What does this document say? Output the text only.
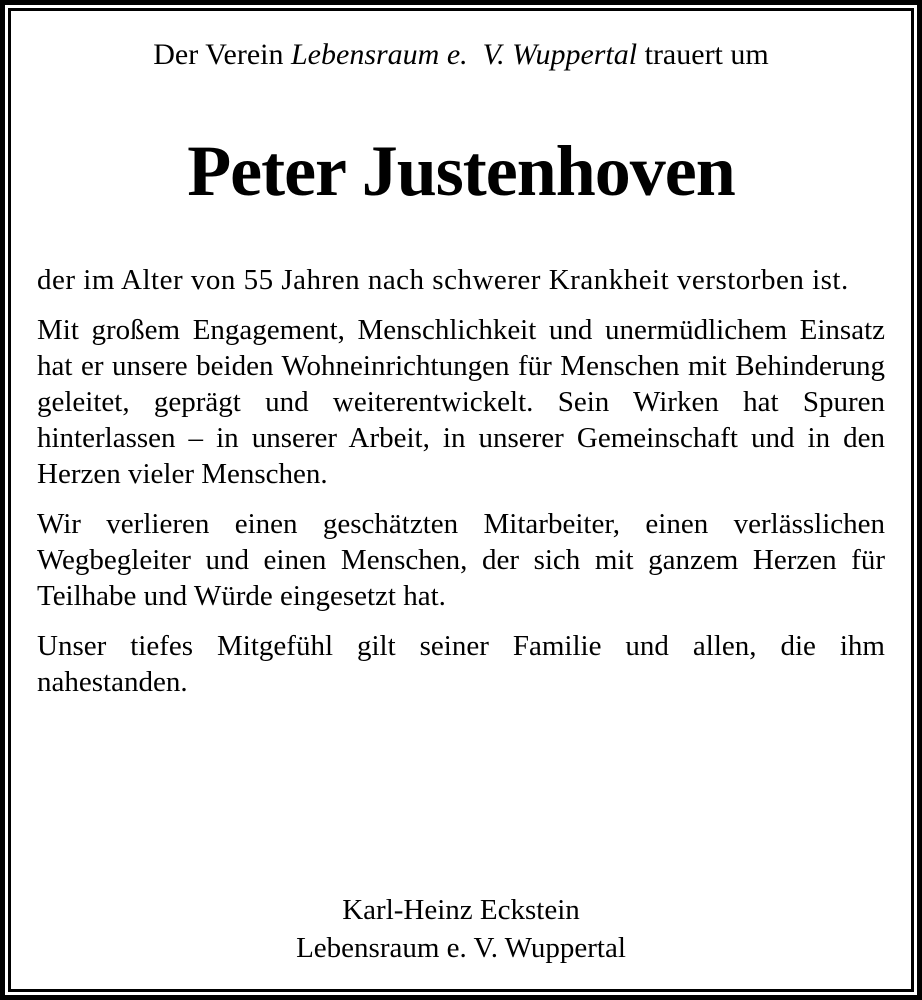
Der Verein Lebensraum e.  V. Wuppertal trauert um
Peter Justenhoven

der im Alter von 55 Jahren nach schwerer Krankheit verstorben ist.

Mit großem Engagement, Menschlichkeit und unermüdlichem Einsatz hat er unsere beiden Wohneinrichtungen für Menschen mit Behinderung geleitet, geprägt und weiterentwickelt. Sein Wirken hat Spuren hinterlassen – in unserer Arbeit, in unserer Gemeinschaft und in den Herzen vieler Menschen.

Wir verlieren einen geschätzten Mitarbeiter, einen verlässlichen Wegbegleiter und einen Menschen, der sich mit ganzem Herzen für Teilhabe und Würde eingesetzt hat.

Unser tiefes Mitgefühl gilt seiner Familie und allen, die ihm nahestanden.

Karl-Heinz Eckstein
Lebensraum e. V. Wuppertal
